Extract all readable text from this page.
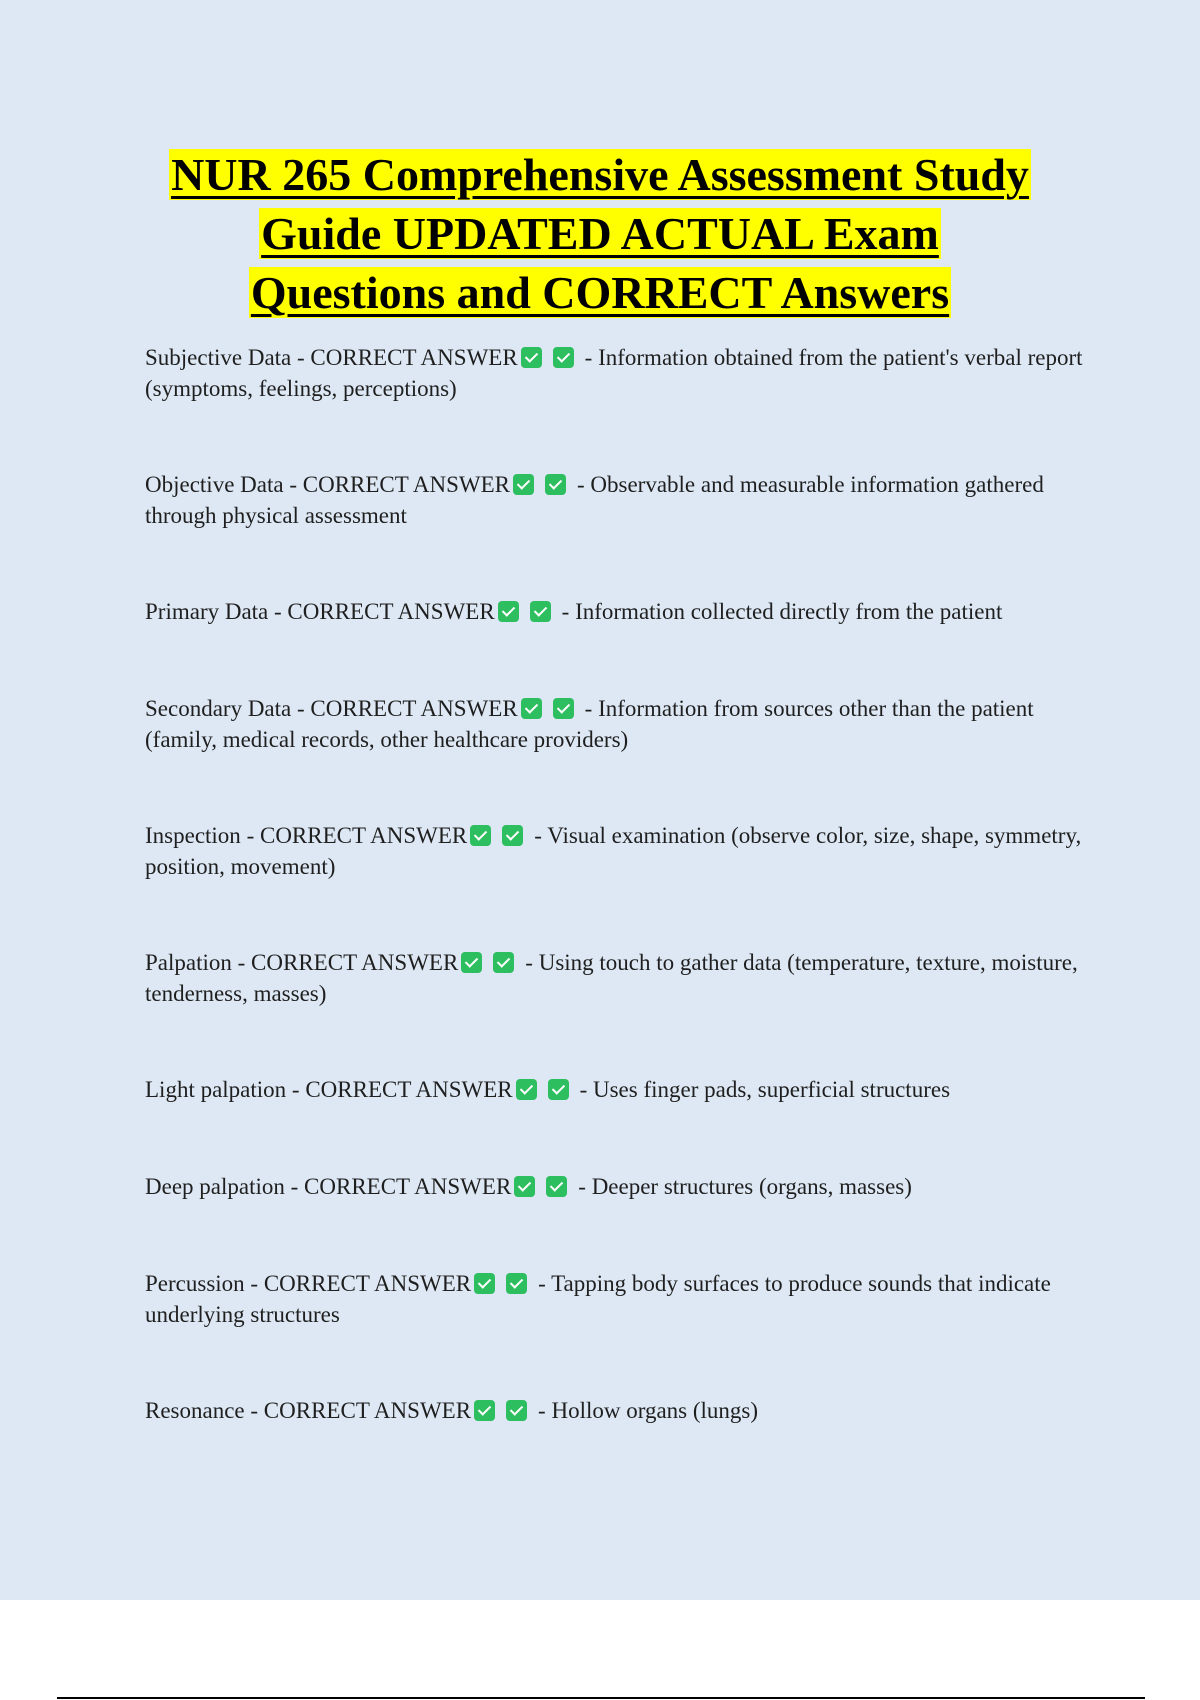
NUR 265 Comprehensive Assessment Study
Guide UPDATED ACTUAL Exam
Questions and CORRECT Answers

Subjective Data - CORRECT ANSWER	- Information obtained from the patient's verbal report (symptoms, feelings, perceptions)

Objective Data - CORRECT ANSWER	- Observable and measurable information gathered through physical assessment

Primary Data - CORRECT ANSWER	- Information collected directly from the patient

Secondary Data - CORRECT ANSWER	- Information from sources other than the patient (family, medical records, other healthcare providers)

Inspection - CORRECT ANSWER	- Visual examination (observe color, size, shape, symmetry, position, movement)

Palpation - CORRECT ANSWER	- Using touch to gather data (temperature, texture, moisture, tenderness, masses)

Light palpation - CORRECT ANSWER	- Uses finger pads, superficial structures

Deep palpation - CORRECT ANSWER	- Deeper structures (organs, masses)

Percussion - CORRECT ANSWER	- Tapping body surfaces to produce sounds that indicate underlying structures

Resonance - CORRECT ANSWER	- Hollow organs (lungs)
